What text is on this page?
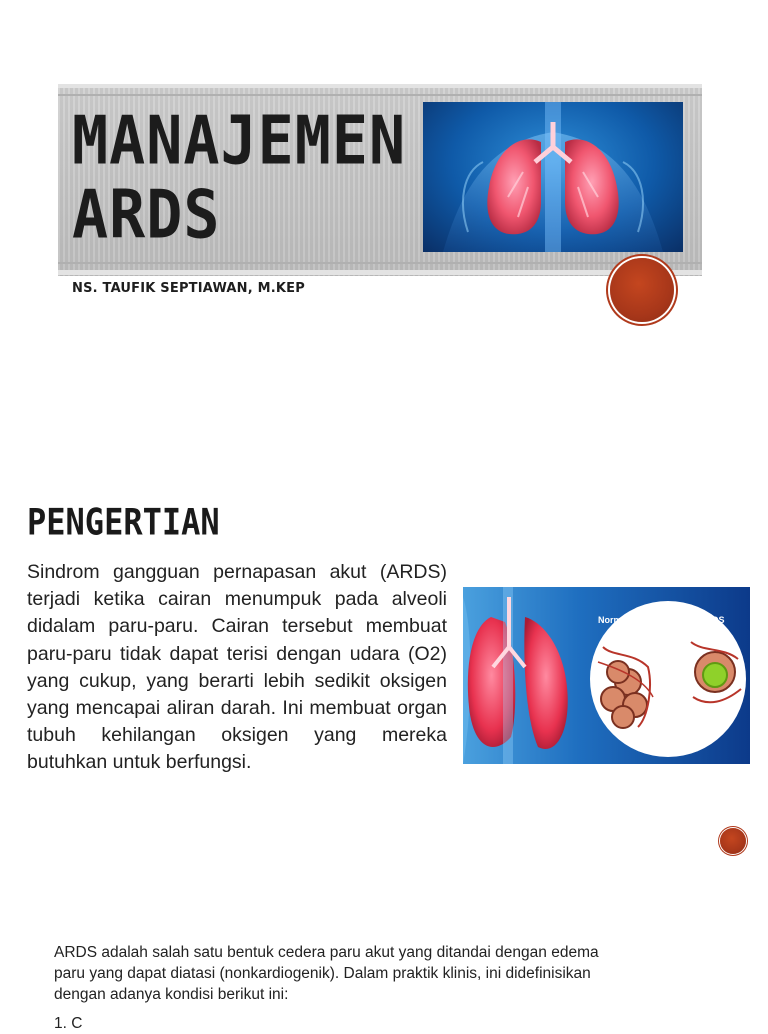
MANAJEMEN
ARDS
NS. TAUFIK SEPTIAWAN, M.KEP
PENGERTIAN

Sindrom gangguan pernapasan akut (ARDS) terjadi ketika cairan menumpuk pada alveoli didalam paru-paru. Cairan tersebut membuat paru-paru tidak dapat terisi dengan udara (O2) yang cukup, yang berarti lebih sedikit oksigen yang mencapai aliran darah. Ini membuat organ tubuh kehilangan oksigen yang mereka butuhkan untuk berfungsi.

Normal Alveoli	ARDS

ARDS adalah salah satu bentuk cedera paru akut yang ditandai dengan edema paru yang dapat diatasi (nonkardiogenik). Dalam praktik klinis, ini didefinisikan dengan adanya kondisi berikut ini:

1. C
